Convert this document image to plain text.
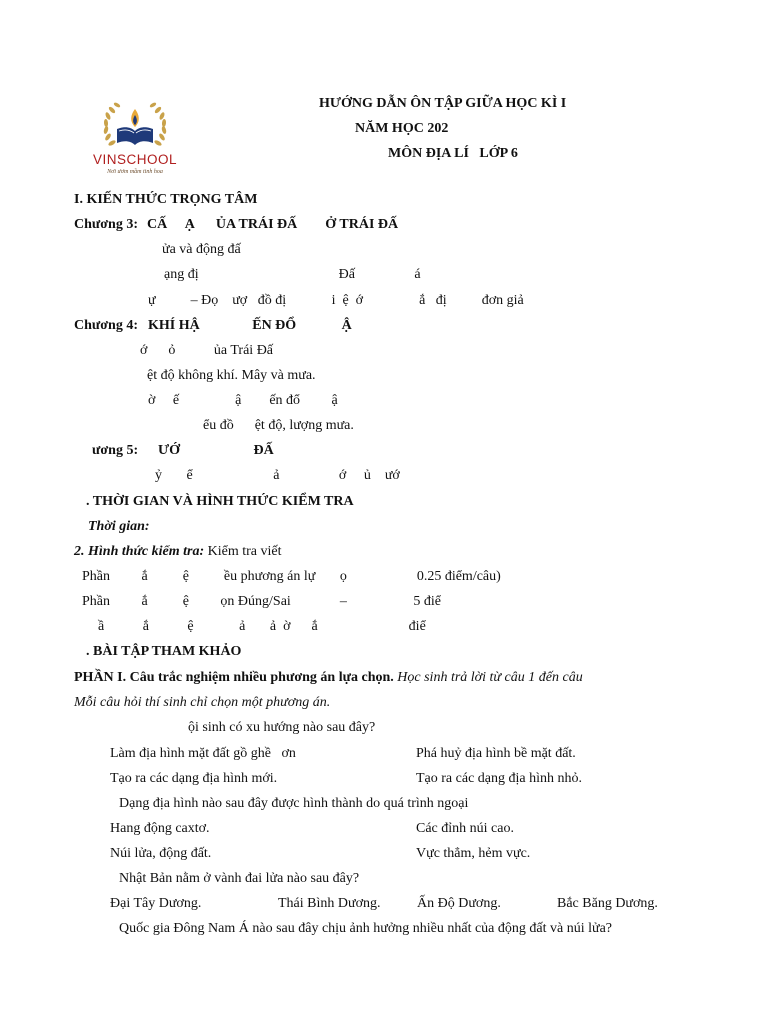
VINSCHOOL
Nơi ươm mầm tinh hoa
HƯỚNG DẪN ÔN TẬP GIỮA HỌC KÌ I
NĂM HỌC 202
MÔN ĐỊA LÍ   LỚP 6
I. KIẾN THỨC TRỌNG TÂM
Chương 3: CẤ     Ạ      ỦA TRÁI ĐẤ        Ở TRÁI ĐẤ
ửa và động đấ
ạng đị                                        Đấ                 á
ự          – Đọ    ượ   đồ đị             i  ệ  ớ                ắ   đị          đơn giả
Chương 4: KHÍ HẬ               ẾN ĐỔ             Ậ
ớ      ỏ           ủa Trái Đấ
ệt độ không khí. Mây và mưa.
ờ     ế                ậ        ến đổ         ậ
ểu đồ      ệt độ, lượng mưa.
ương 5: ƯỚ                     ĐẤ
ỷ       ể                       ả                 ớ     ủ    ướ
. THỜI GIAN VÀ HÌNH THỨC KIỂM TRA
Thời gian:
2. Hình thức kiểm tra: Kiểm tra viết
Phần         ắ          ệ          ều phương án lự       ọ                    0.25 điểm/câu)
Phần         ắ          ệ         ọn Đúng/Sai              –                   5 điể
ầ           ắ           ệ             ả       ả  ờ      ắ                          điể
. BÀI TẬP THAM KHẢO
PHẦN I. Câu trắc nghiệm nhiều phương án lựa chọn. Học sinh trả lời từ câu 1 đến câu
Mỗi câu hỏi thí sinh chỉ chọn một phương án.
ội sinh có xu hướng nào sau đây?
Làm địa hình mặt đất gồ ghề   ơn	Phá huỷ địa hình bề mặt đất.
Tạo ra các dạng địa hình mới.	Tạo ra các dạng địa hình nhỏ.
Dạng địa hình nào sau đây được hình thành do quá trình ngoại
Hang động caxtơ.	Các đỉnh núi cao.
Núi lửa, động đất.	Vực thẳm, hẻm vực.
Nhật Bản nằm ở vành đai lửa nào sau đây?
Đại Tây Dương.	Thái Bình Dương.	Ấn Độ Dương.	Bắc Băng Dương.
Quốc gia Đông Nam Á nào sau đây chịu ảnh hưởng nhiều nhất của động đất và núi lửa?
